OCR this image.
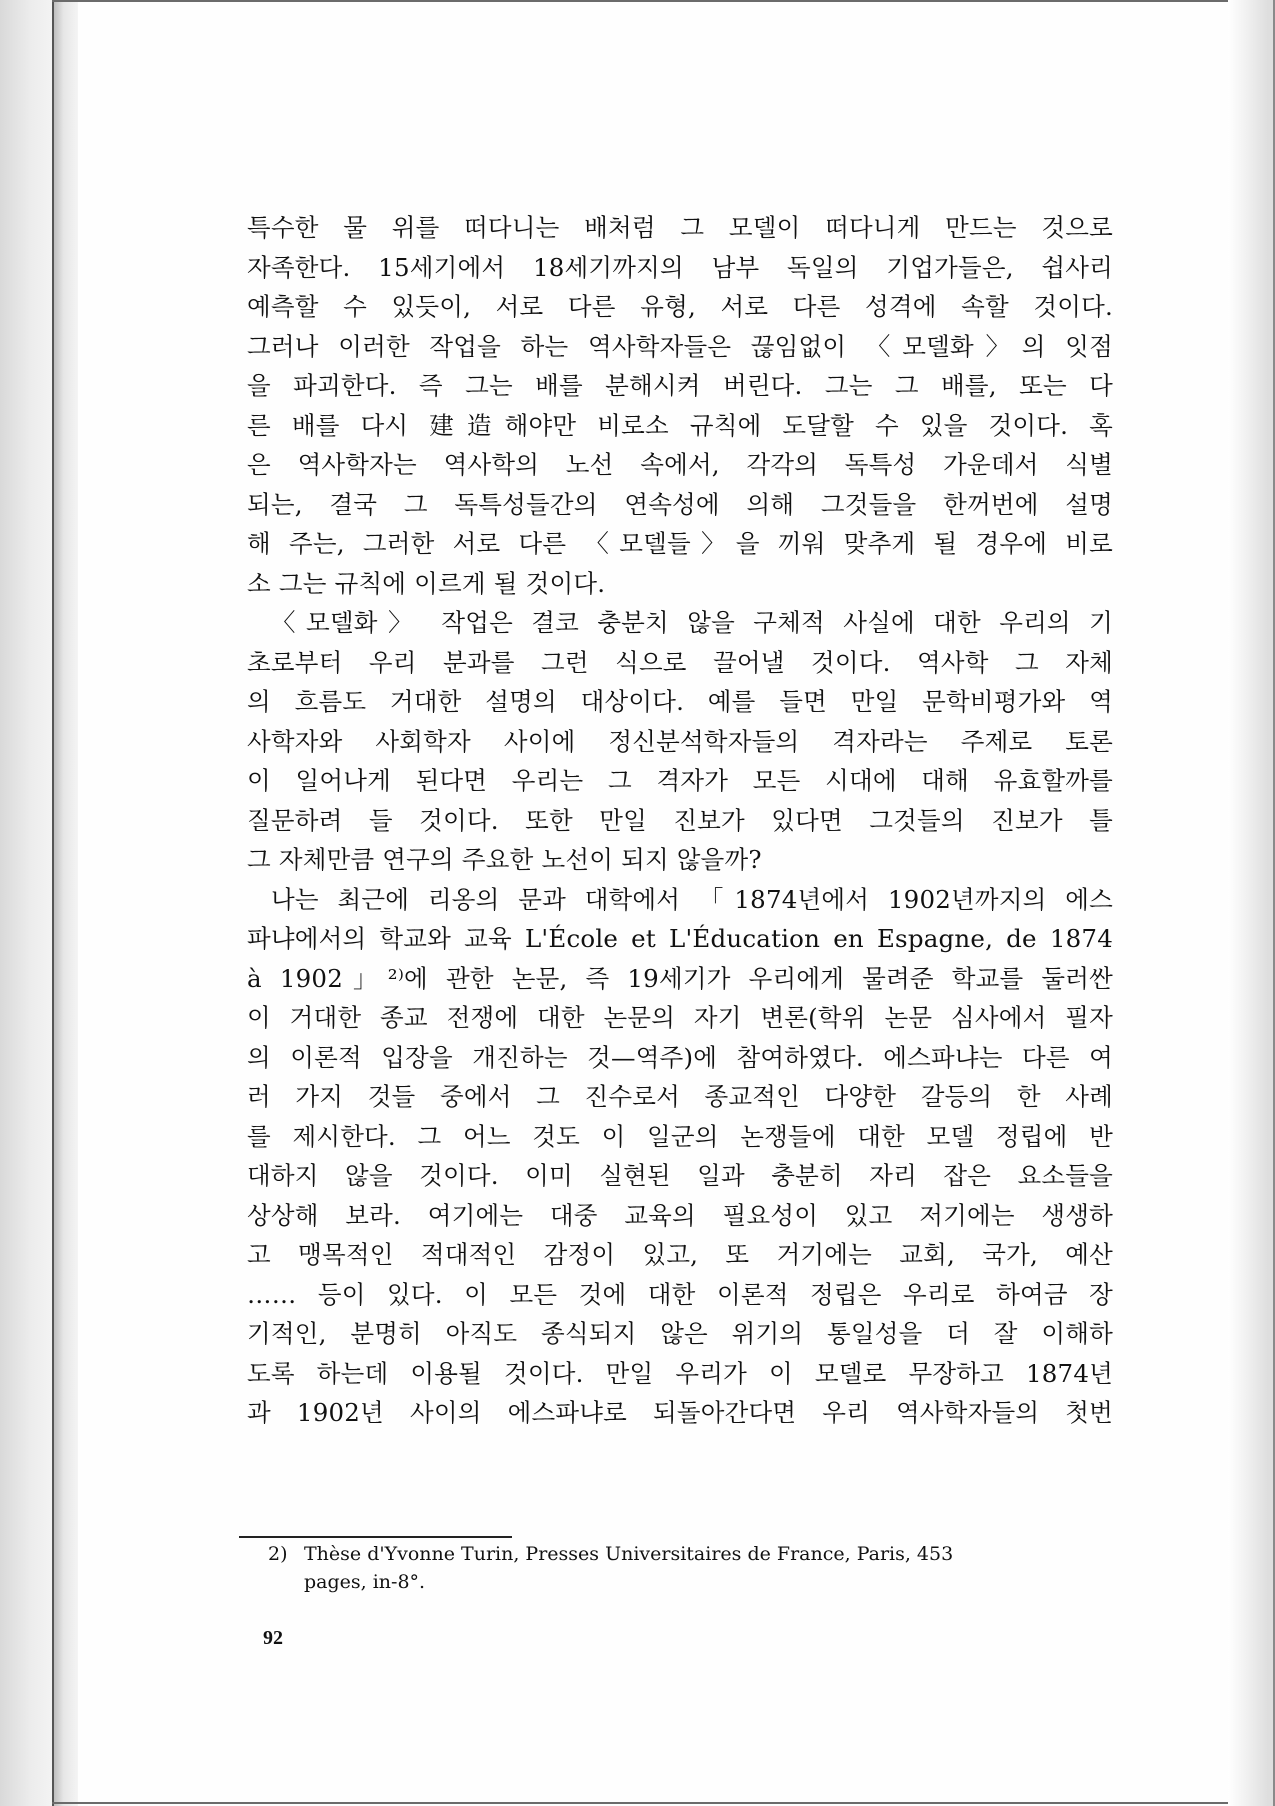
특수한 물 위를 떠다니는 배처럼 그 모델이 떠다니게 만드는 것으로
자족한다. 15세기에서 18세기까지의 남부 독일의 기업가들은, 쉽사리
예측할 수 있듯이, 서로 다른 유형, 서로 다른 성격에 속할 것이다.
그러나 이러한 작업을 하는 역사학자들은 끊임없이 〈모델화〉의 잇점
을 파괴한다. 즉 그는 배를 분해시켜 버린다. 그는 그 배를, 또는 다
른 배를 다시 建造해야만 비로소 규칙에 도달할 수 있을 것이다. 혹
은 역사학자는 역사학의 노선 속에서, 각각의 독특성 가운데서 식별
되는, 결국 그 독특성들간의 연속성에 의해 그것들을 한꺼번에 설명
해 주는, 그러한 서로 다른 〈모델들〉을 끼워 맞추게 될 경우에 비로
소 그는 규칙에 이르게 될 것이다.
〈모델화〉 작업은 결코 충분치 않을 구체적 사실에 대한 우리의 기
초로부터 우리 분과를 그런 식으로 끌어낼 것이다. 역사학 그 자체
의 흐름도 거대한 설명의 대상이다. 예를 들면 만일 문학비평가와 역
사학자와 사회학자 사이에 정신분석학자들의 격자라는 주제로 토론
이 일어나게 된다면 우리는 그 격자가 모든 시대에 대해 유효할까를
질문하려 들 것이다. 또한 만일 진보가 있다면 그것들의 진보가 틀
그 자체만큼 연구의 주요한 노선이 되지 않을까?
나는 최근에 리옹의 문과 대학에서 「1874년에서 1902년까지의 에스
파냐에서의 학교와 교육 L'École et L'Éducation en Espagne, de 1874
à 1902」²⁾에 관한 논문, 즉 19세기가 우리에게 물려준 학교를 둘러싼
이 거대한 종교 전쟁에 대한 논문의 자기 변론(학위 논문 심사에서 필자
의 이론적 입장을 개진하는 것—역주)에 참여하였다. 에스파냐는 다른 여
러 가지 것들 중에서 그 진수로서 종교적인 다양한 갈등의 한 사례
를 제시한다. 그 어느 것도 이 일군의 논쟁들에 대한 모델 정립에 반
대하지 않을 것이다. 이미 실현된 일과 충분히 자리 잡은 요소들을
상상해 보라. 여기에는 대중 교육의 필요성이 있고 저기에는 생생하
고 맹목적인 적대적인 감정이 있고, 또 거기에는 교회, 국가, 예산
…… 등이 있다. 이 모든 것에 대한 이론적 정립은 우리로 하여금 장
기적인, 분명히 아직도 종식되지 않은 위기의 통일성을 더 잘 이해하
도록 하는데 이용될 것이다. 만일 우리가 이 모델로 무장하고 1874년
과 1902년 사이의 에스파냐로 되돌아간다면 우리 역사학자들의 첫번
2) Thèse d'Yvonne Turin, Presses Universitaires de France, Paris, 453
pages, in-8°.
92
